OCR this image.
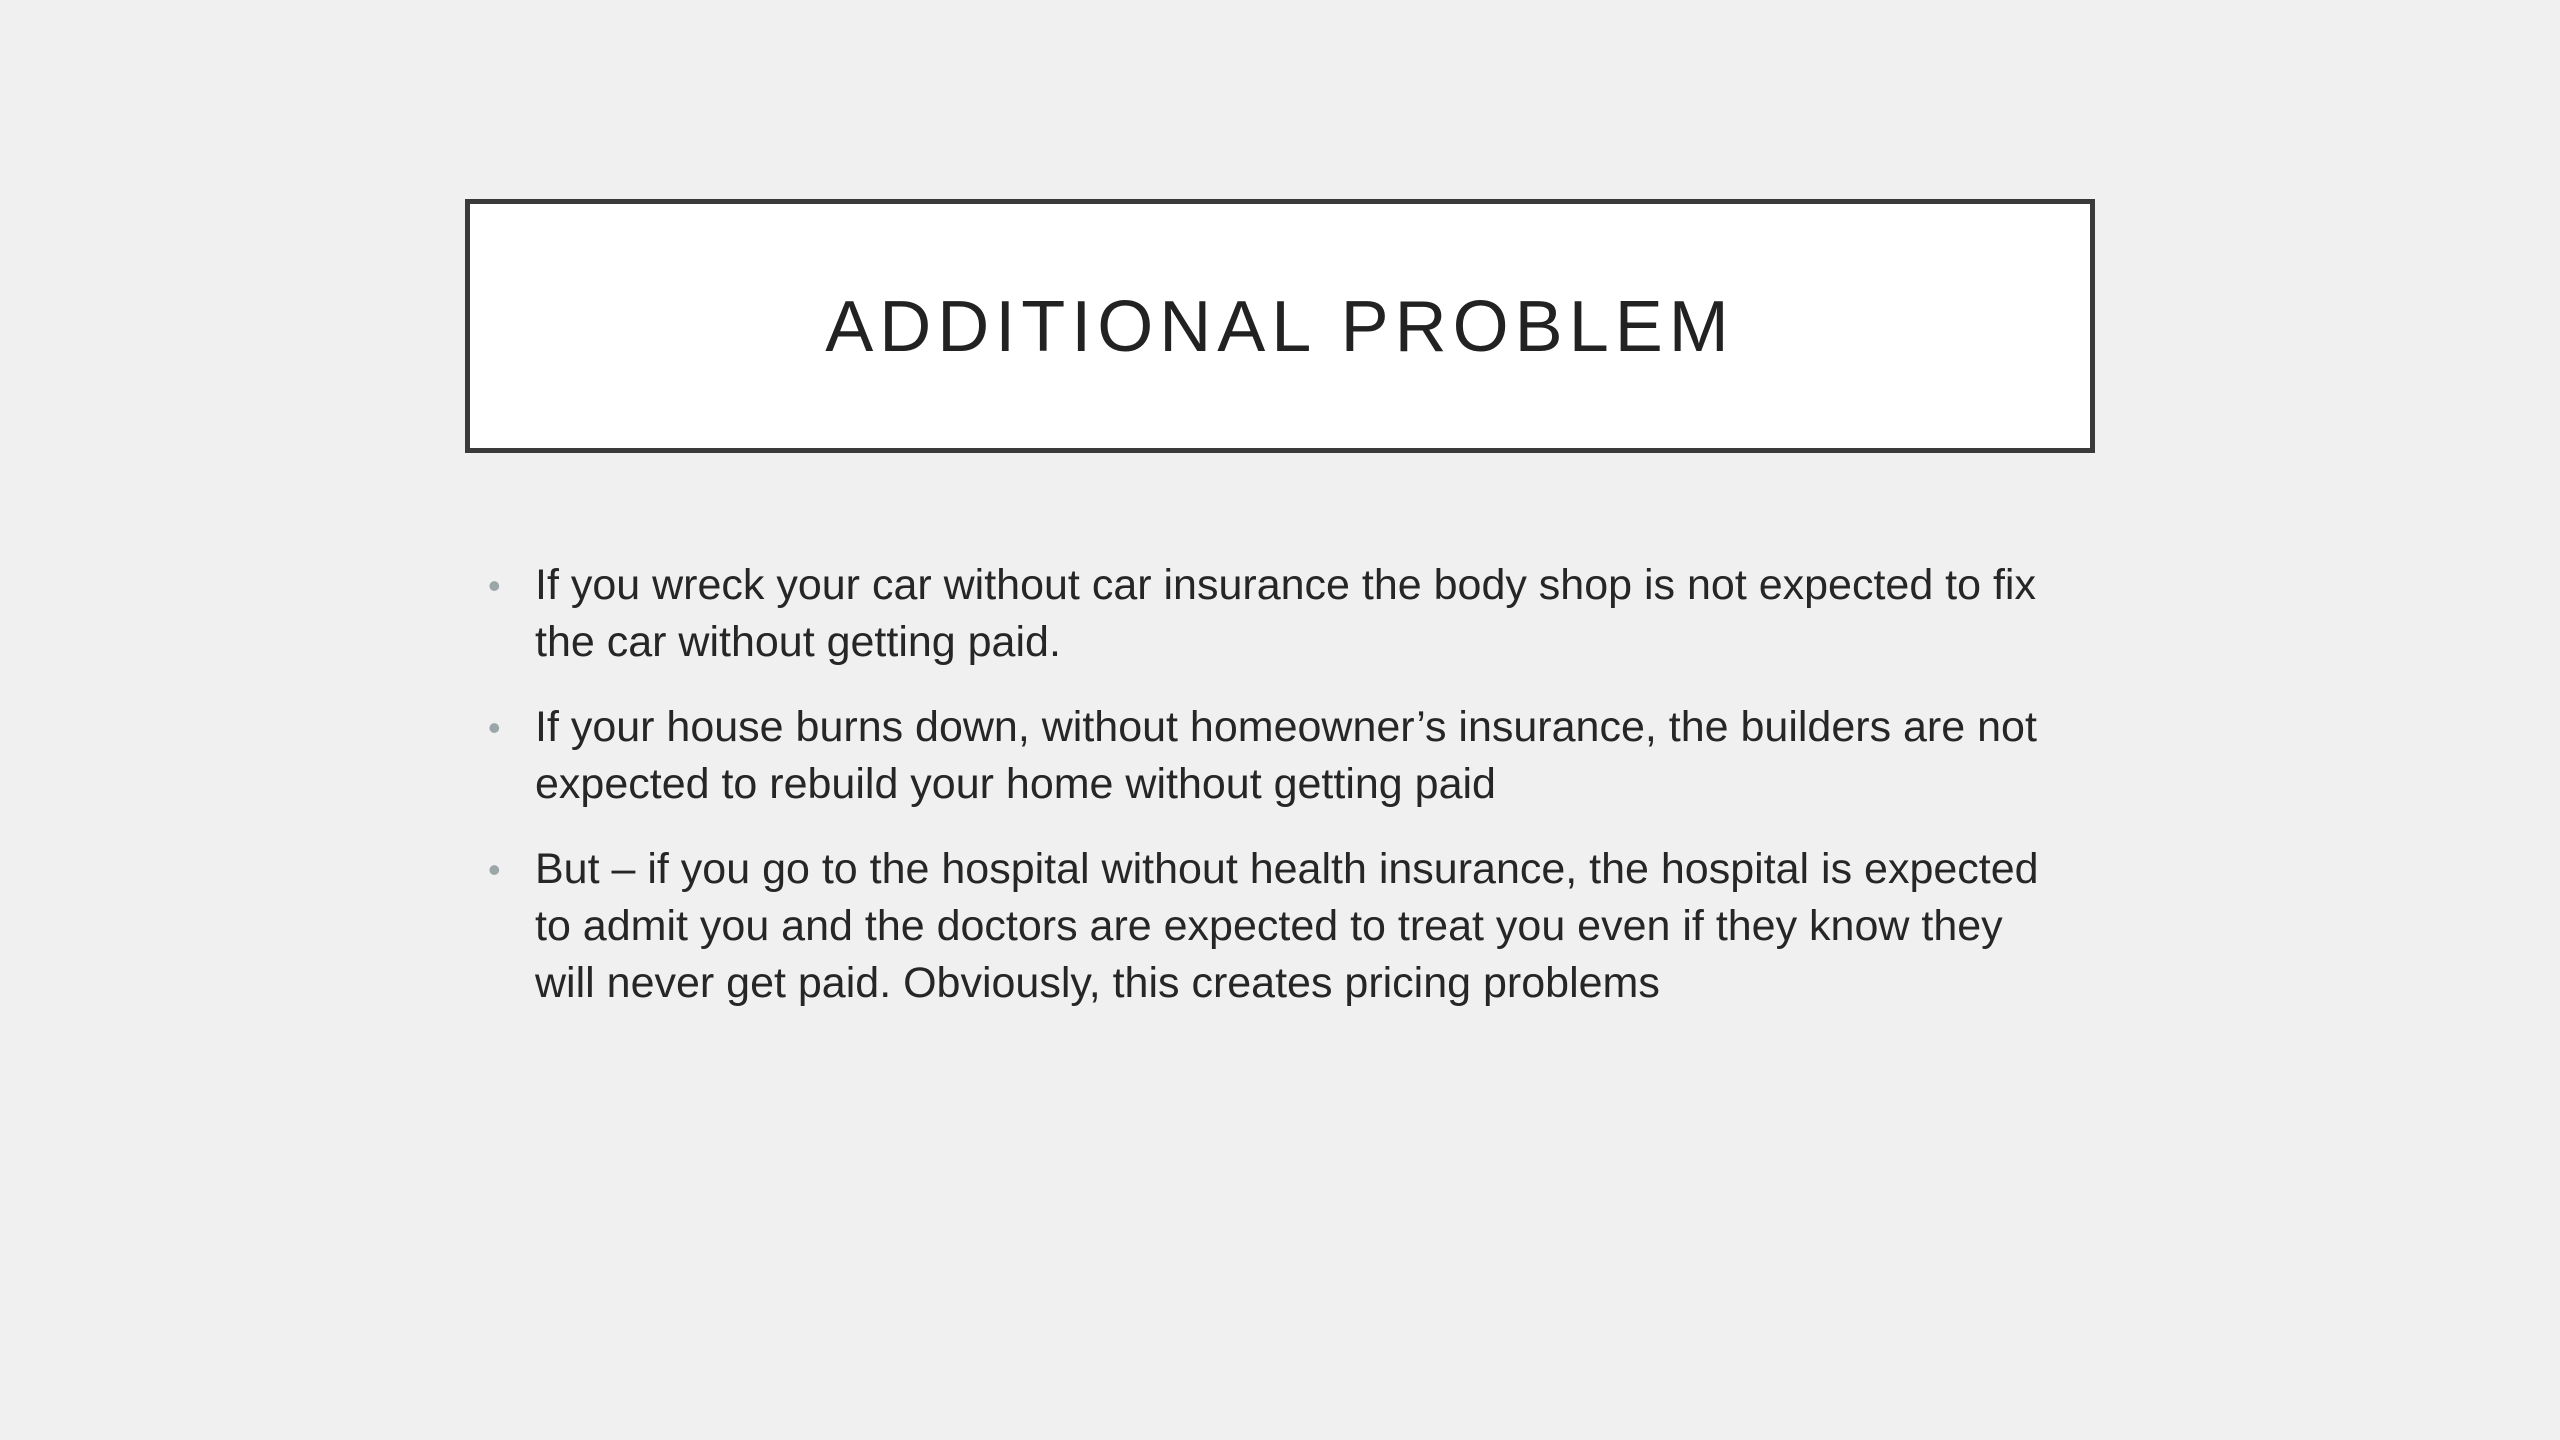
ADDITIONAL PROBLEM
• If you wreck your car without car insurance the body shop is not expected to fix the car without getting paid.
• If your house burns down, without homeowner’s insurance, the builders are not expected to rebuild your home without getting paid
• But – if you go to the hospital without health insurance, the hospital is expected to admit you and the doctors are expected to treat you even if they know they will never get paid. Obviously, this creates pricing problems
